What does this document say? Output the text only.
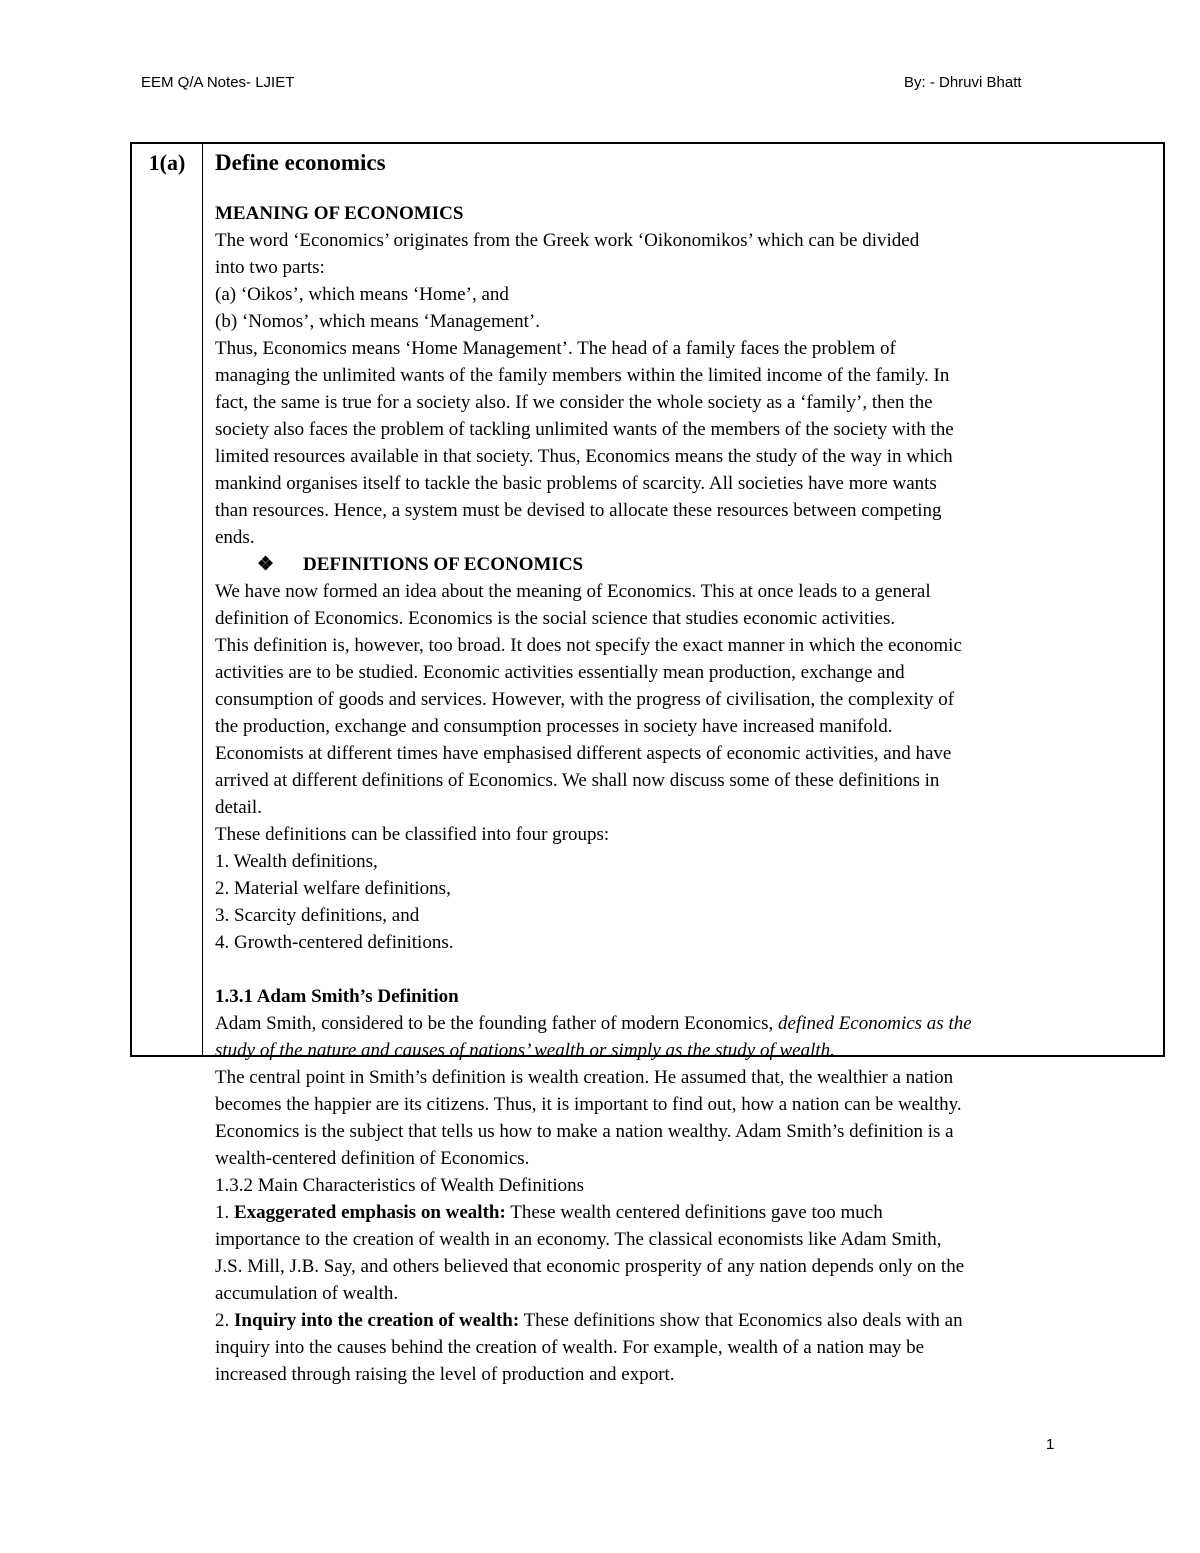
EEM Q/A Notes- LJIET	By: - Dhruvi Bhatt
1(a)	Define economics

MEANING OF ECONOMICS

The word ‘Economics’ originates from the Greek work ‘Oikonomikos’ which can be divided

into two parts:

(a) ‘Oikos’, which means ‘Home’, and

(b) ‘Nomos’, which means ‘Management’.

Thus, Economics means ‘Home Management’. The head of a family faces the problem of

managing the unlimited wants of the family members within the limited income of the family. In

fact, the same is true for a society also. If we consider the whole society as a ‘family’, then the

society also faces the problem of tackling unlimited wants of the members of the society with the

limited resources available in that society. Thus, Economics means the study of the way in which

mankind organises itself to tackle the basic problems of scarcity. All societies have more wants

than resources. Hence, a system must be devised to allocate these resources between competing

ends.

❖ DEFINITIONS OF ECONOMICS

We have now formed an idea about the meaning of Economics. This at once leads to a general

definition of Economics. Economics is the social science that studies economic activities.

This definition is, however, too broad. It does not specify the exact manner in which the economic

activities are to be studied. Economic activities essentially mean production, exchange and

consumption of goods and services. However, with the progress of civilisation, the complexity of

the production, exchange and consumption processes in society have increased manifold.

Economists at different times have emphasised different aspects of economic activities, and have

arrived at different definitions of Economics. We shall now discuss some of these definitions in

detail.

These definitions can be classified into four groups:

1. Wealth definitions,

2. Material welfare definitions,

3. Scarcity definitions, and

4. Growth-centered definitions.

1.3.1 Adam Smith’s Definition

Adam Smith, considered to be the founding father of modern Economics, defined Economics as the

study of the nature and causes of nations’ wealth or simply as the study of wealth.

The central point in Smith’s definition is wealth creation. He assumed that, the wealthier a nation

becomes the happier are its citizens. Thus, it is important to find out, how a nation can be wealthy.

Economics is the subject that tells us how to make a nation wealthy. Adam Smith’s definition is a

wealth-centered definition of Economics.

1.3.2 Main Characteristics of Wealth Definitions

1. Exaggerated emphasis on wealth: These wealth centered definitions gave too much

importance to the creation of wealth in an economy. The classical economists like Adam Smith,

J.S. Mill, J.B. Say, and others believed that economic prosperity of any nation depends only on the

accumulation of wealth.

2. Inquiry into the creation of wealth: These definitions show that Economics also deals with an

inquiry into the causes behind the creation of wealth. For example, wealth of a nation may be

increased through raising the level of production and export.

1
